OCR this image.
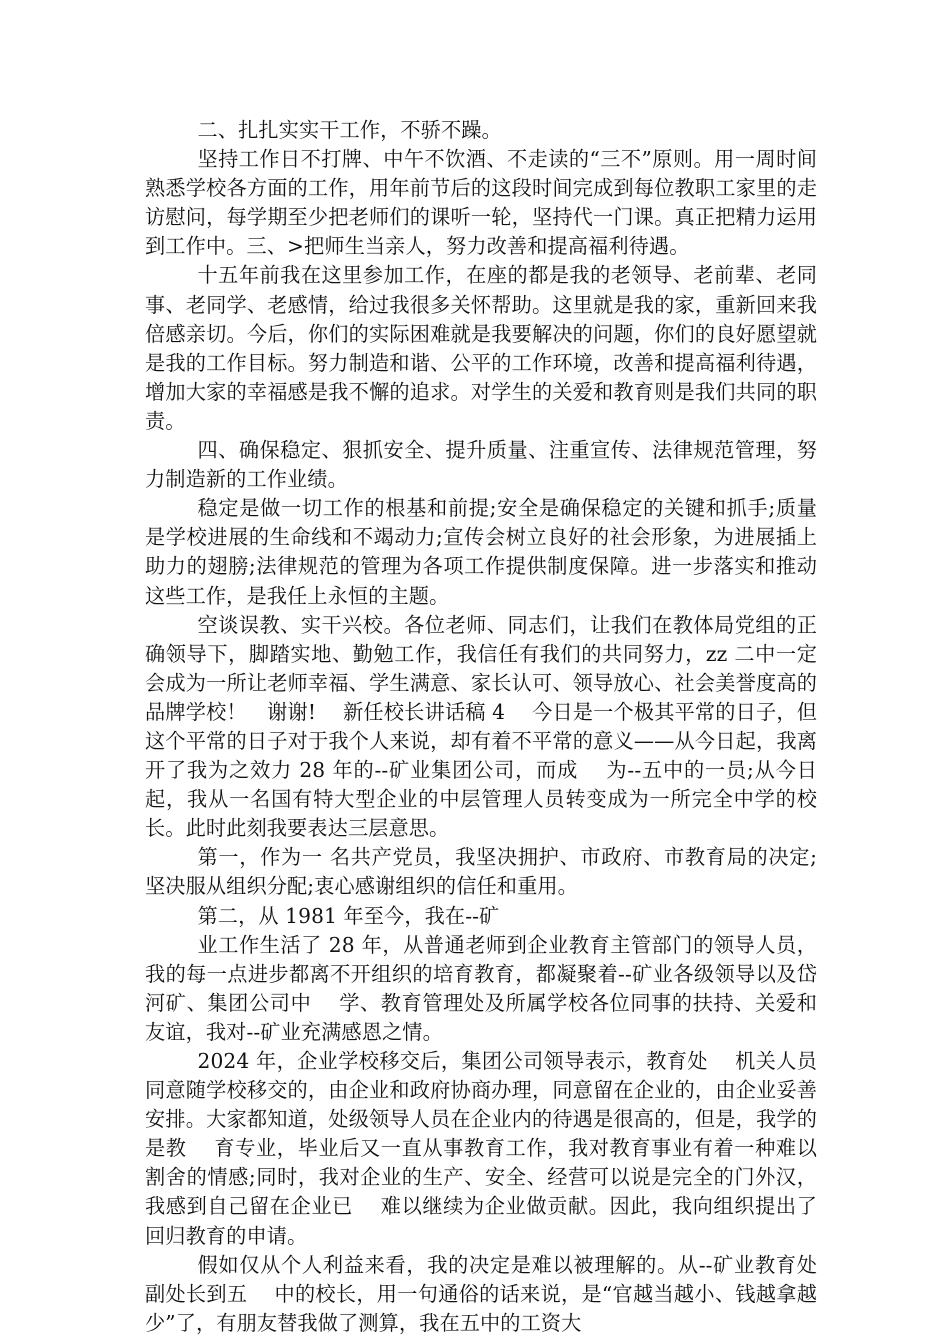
二、扎扎实实干工作，不骄不躁。

坚持工作日不打牌、中午不饮酒、不走读的“三不”原则。用一周时间熟悉学校各方面的工作，用年前节后的这段时间完成到每位教职工家里的走访慰问，每学期至少把老师们的课听一轮，坚持代一门课。真正把精力运用到工作中。三、>把师生当亲人，努力改善和提高福利待遇。

十五年前我在这里参加工作，在座的都是我的老领导、老前辈、老同事、老同学、老感情，给过我很多关怀帮助。这里就是我的家，重新回来我倍感亲切。今后，你们的实际困难就是我要解决的问题，你们的良好愿望就是我的工作目标。努力制造和谐、公平的工作环境，改善和提高福利待遇，增加大家的幸福感是我不懈的追求。对学生的关爱和教育则是我们共同的职责。

四、确保稳定、狠抓安全、提升质量、注重宣传、法律规范管理，努力制造新的工作业绩。

稳定是做一切工作的根基和前提;安全是确保稳定的关键和抓手;质量是学校进展的生命线和不竭动力;宣传会树立良好的社会形象，为进展插上助力的翅膀;法律规范的管理为各项工作提供制度保障。进一步落实和推动这些工作，是我任上永恒的主题。

空谈误教、实干兴校。各位老师、同志们，让我们在教体局党组的正确领导下，脚踏实地、勤勉工作，我信任有我们的共同努力，zz 二中一定会成为一所让老师幸福、学生满意、家长认可、领导放心、社会美誉度高的品牌学校！　谢谢!　 新任校长讲话稿 4　 今日是一个极其平常的日子，但这个平常的日子对于我个人来说，却有着不平常的意义——从今日起，我离开了我为之效力 28 年的--矿业集团公司，而成　 为--五中的一员;从今日起，我从一名国有特大型企业的中层管理人员转变成为一所完全中学的校长。此时此刻我要表达三层意思。

第一，作为一 名共产党员，我坚决拥护、市政府、市教育局的决定;坚决服从组织分配;衷心感谢组织的信任和重用。

第二，从 1981 年至今，我在--矿

业工作生活了 28 年，从普通老师到企业教育主管部门的领导人员，我的每一点进步都离不开组织的培育教育，都凝聚着--矿业各级领导以及岱河矿、集团公司中　 学、教育管理处及所属学校各位同事的扶持、关爱和友谊，我对--矿业充满感恩之情。

2024 年，企业学校移交后，集团公司领导表示，教育处　 机关人员同意随学校移交的，由企业和政府协商办理，同意留在企业的，由企业妥善安排。大家都知道，处级领导人员在企业内的待遇是很高的，但是，我学的是教　 育专业，毕业后又一直从事教育工作，我对教育事业有着一种难以割舍的情感;同时，我对企业的生产、安全、经营可以说是完全的门外汉，我感到自己留在企业已　 难以继续为企业做贡献。因此，我向组织提出了回归教育的申请。

假如仅从个人利益来看，我的决定是难以被理解的。从--矿业教育处副处长到五　 中的校长，用一句通俗的话来说，是“官越当越小、钱越拿越少”了，有朋友替我做了测算，我在五中的工资大
